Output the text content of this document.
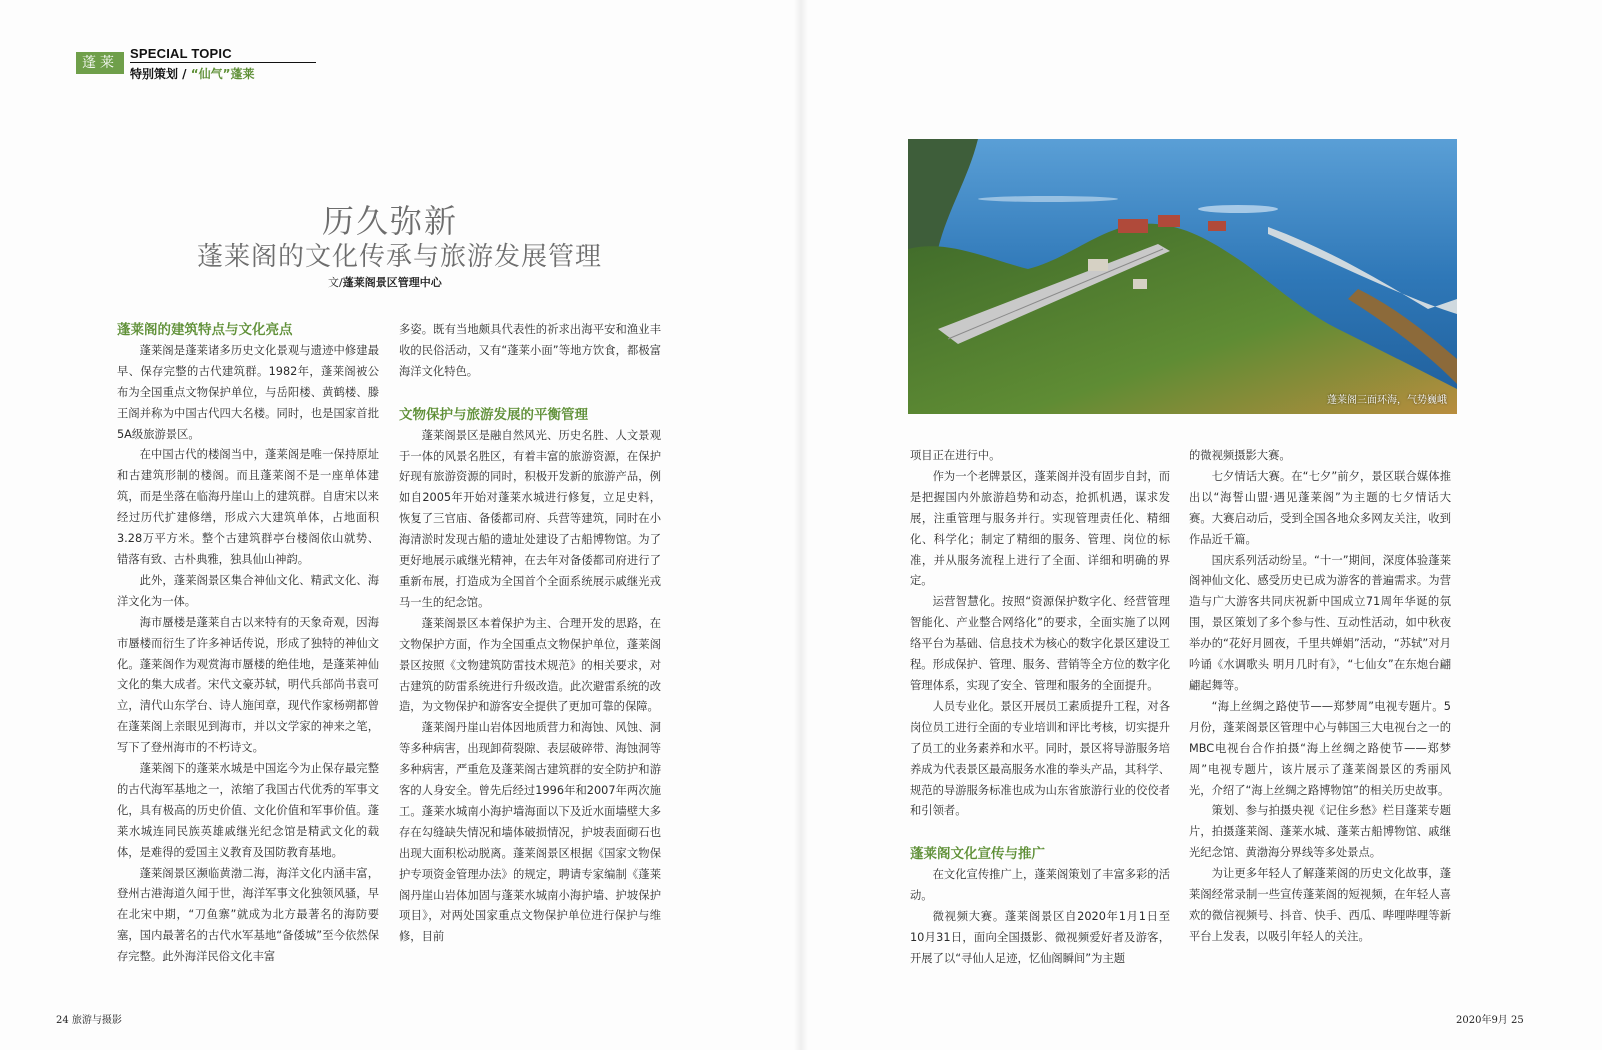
蓬莱
SPECIAL TOPIC
特别策划 / “仙气”蓬莱
历久弥新
蓬莱阁的文化传承与旅游发展管理
文/蓬莱阁景区管理中心
蓬莱阁的建筑特点与文化亮点

蓬莱阁是蓬莱诸多历史文化景观与遗迹中修建最早、保存完整的古代建筑群。1982年，蓬莱阁被公布为全国重点文物保护单位，与岳阳楼、黄鹤楼、滕王阁并称为中国古代四大名楼。同时，也是国家首批5A级旅游景区。

在中国古代的楼阁当中，蓬莱阁是唯一保持原址和古建筑形制的楼阁。而且蓬莱阁不是一座单体建筑，而是坐落在临海丹崖山上的建筑群。自唐宋以来经过历代扩建修缮，形成六大建筑单体，占地面积3.28万平方米。整个古建筑群亭台楼阁依山就势、错落有致、古朴典雅，独具仙山神韵。

此外，蓬莱阁景区集合神仙文化、精武文化、海洋文化为一体。

海市蜃楼是蓬莱自古以来特有的天象奇观，因海市蜃楼而衍生了许多神话传说，形成了独特的神仙文化。蓬莱阁作为观赏海市蜃楼的绝佳地，是蓬莱神仙文化的集大成者。宋代文豪苏轼，明代兵部尚书袁可立，清代山东学台、诗人施闰章，现代作家杨朔都曾在蓬莱阁上亲眼见到海市，并以文学家的神来之笔，写下了登州海市的不朽诗文。

蓬莱阁下的蓬莱水城是中国迄今为止保存最完整的古代海军基地之一，浓缩了我国古代优秀的军事文化，具有极高的历史价值、文化价值和军事价值。蓬莱水城连同民族英雄戚继光纪念馆是精武文化的载体，是难得的爱国主义教育及国防教育基地。

蓬莱阁景区濒临黄渤二海，海洋文化内涵丰富，登州古港海道久闻于世，海洋军事文化独领风骚，早在北宋中期，“刀鱼寨”就成为北方最著名的海防要塞，国内最著名的古代水军基地“备倭城”至今依然保存完整。此外海洋民俗文化丰富

多姿。既有当地颇具代表性的祈求出海平安和渔业丰收的民俗活动，又有“蓬莱小面”等地方饮食，都极富海洋文化特色。

文物保护与旅游发展的平衡管理

蓬莱阁景区是融自然风光、历史名胜、人文景观于一体的风景名胜区，有着丰富的旅游资源，在保护好现有旅游资源的同时，积极开发新的旅游产品，例如自2005年开始对蓬莱水城进行修复，立足史料，恢复了三官庙、备倭都司府、兵营等建筑，同时在小海清淤时发现古船的遗址处建设了古船博物馆。为了更好地展示戚继光精神，在去年对备倭都司府进行了重新布展，打造成为全国首个全面系统展示戚继光戎马一生的纪念馆。

蓬莱阁景区本着保护为主、合理开发的思路，在文物保护方面，作为全国重点文物保护单位，蓬莱阁景区按照《文物建筑防雷技术规范》的相关要求，对古建筑的防雷系统进行升级改造。此次避雷系统的改造，为文物保护和游客安全提供了更加可靠的保障。

蓬莱阁丹崖山岩体因地质营力和海蚀、风蚀、洞等多种病害，出现卸荷裂隙、表层破碎带、海蚀洞等多种病害，严重危及蓬莱阁古建筑群的安全防护和游客的人身安全。曾先后经过1996年和2007年两次施工。蓬莱水城南小海护墙海面以下及近水面墙壁大多存在勾缝缺失情况和墙体破损情况，护坡表面砌石也出现大面积松动脱离。蓬莱阁景区根据《国家文物保护专项资金管理办法》的规定，聘请专家编制《蓬莱阁丹崖山岩体加固与蓬莱水城南小海护墙、护坡保护项目》，对两处国家重点文物保护单位进行保护与维修，目前

蓬莱阁三面环海，气势巍峨

项目正在进行中。

作为一个老牌景区，蓬莱阁并没有固步自封，而是把握国内外旅游趋势和动态，抢抓机遇，谋求发展，注重管理与服务并行。实现管理责任化、精细化、科学化；制定了精细的服务、管理、岗位的标准，并从服务流程上进行了全面、详细和明确的界定。

运营智慧化。按照“资源保护数字化、经营管理智能化、产业整合网络化”的要求，全面实施了以网络平台为基础、信息技术为核心的数字化景区建设工程。形成保护、管理、服务、营销等全方位的数字化管理体系，实现了安全、管理和服务的全面提升。

人员专业化。景区开展员工素质提升工程，对各岗位员工进行全面的专业培训和评比考核，切实提升了员工的业务素养和水平。同时，景区将导游服务培养成为代表景区最高服务水准的拳头产品，其科学、规范的导游服务标准也成为山东省旅游行业的佼佼者和引领者。

蓬莱阁文化宣传与推广

在文化宣传推广上，蓬莱阁策划了丰富多彩的活动。

微视频大赛。蓬莱阁景区自2020年1月1日至10月31日，面向全国摄影、微视频爱好者及游客，开展了以“寻仙人足迹，忆仙阁瞬间”为主题

的微视频摄影大赛。

七夕情话大赛。在“七夕”前夕，景区联合媒体推出以“海誓山盟·遇见蓬莱阁”为主题的七夕情话大赛。大赛启动后，受到全国各地众多网友关注，收到作品近千篇。

国庆系列活动纷呈。“十一”期间，深度体验蓬莱阁神仙文化、感受历史已成为游客的普遍需求。为营造与广大游客共同庆祝新中国成立71周年华诞的氛围，景区策划了多个参与性、互动性活动，如中秋夜举办的“花好月圆夜，千里共婵娟”活动，“苏轼”对月吟诵《水调歌头 明月几时有》，“七仙女”在东炮台翩翩起舞等。

“海上丝绸之路使节——郑梦周”电视专题片。5月份，蓬莱阁景区管理中心与韩国三大电视台之一的MBC电视台合作拍摄“海上丝绸之路使节——郑梦周”电视专题片，该片展示了蓬莱阁景区的秀丽风光，介绍了“海上丝绸之路博物馆”的相关历史故事。

策划、参与拍摄央视《记住乡愁》栏目蓬莱专题片，拍摄蓬莱阁、蓬莱水城、蓬莱古船博物馆、戚继光纪念馆、黄渤海分界线等多处景点。

为让更多年轻人了解蓬莱阁的历史文化故事，蓬莱阁经常录制一些宣传蓬莱阁的短视频，在年轻人喜欢的微信视频号、抖音、快手、西瓜、哔哩哔哩等新平台上发表，以吸引年轻人的关注。

24 旅游与摄影	2020年9月 25
